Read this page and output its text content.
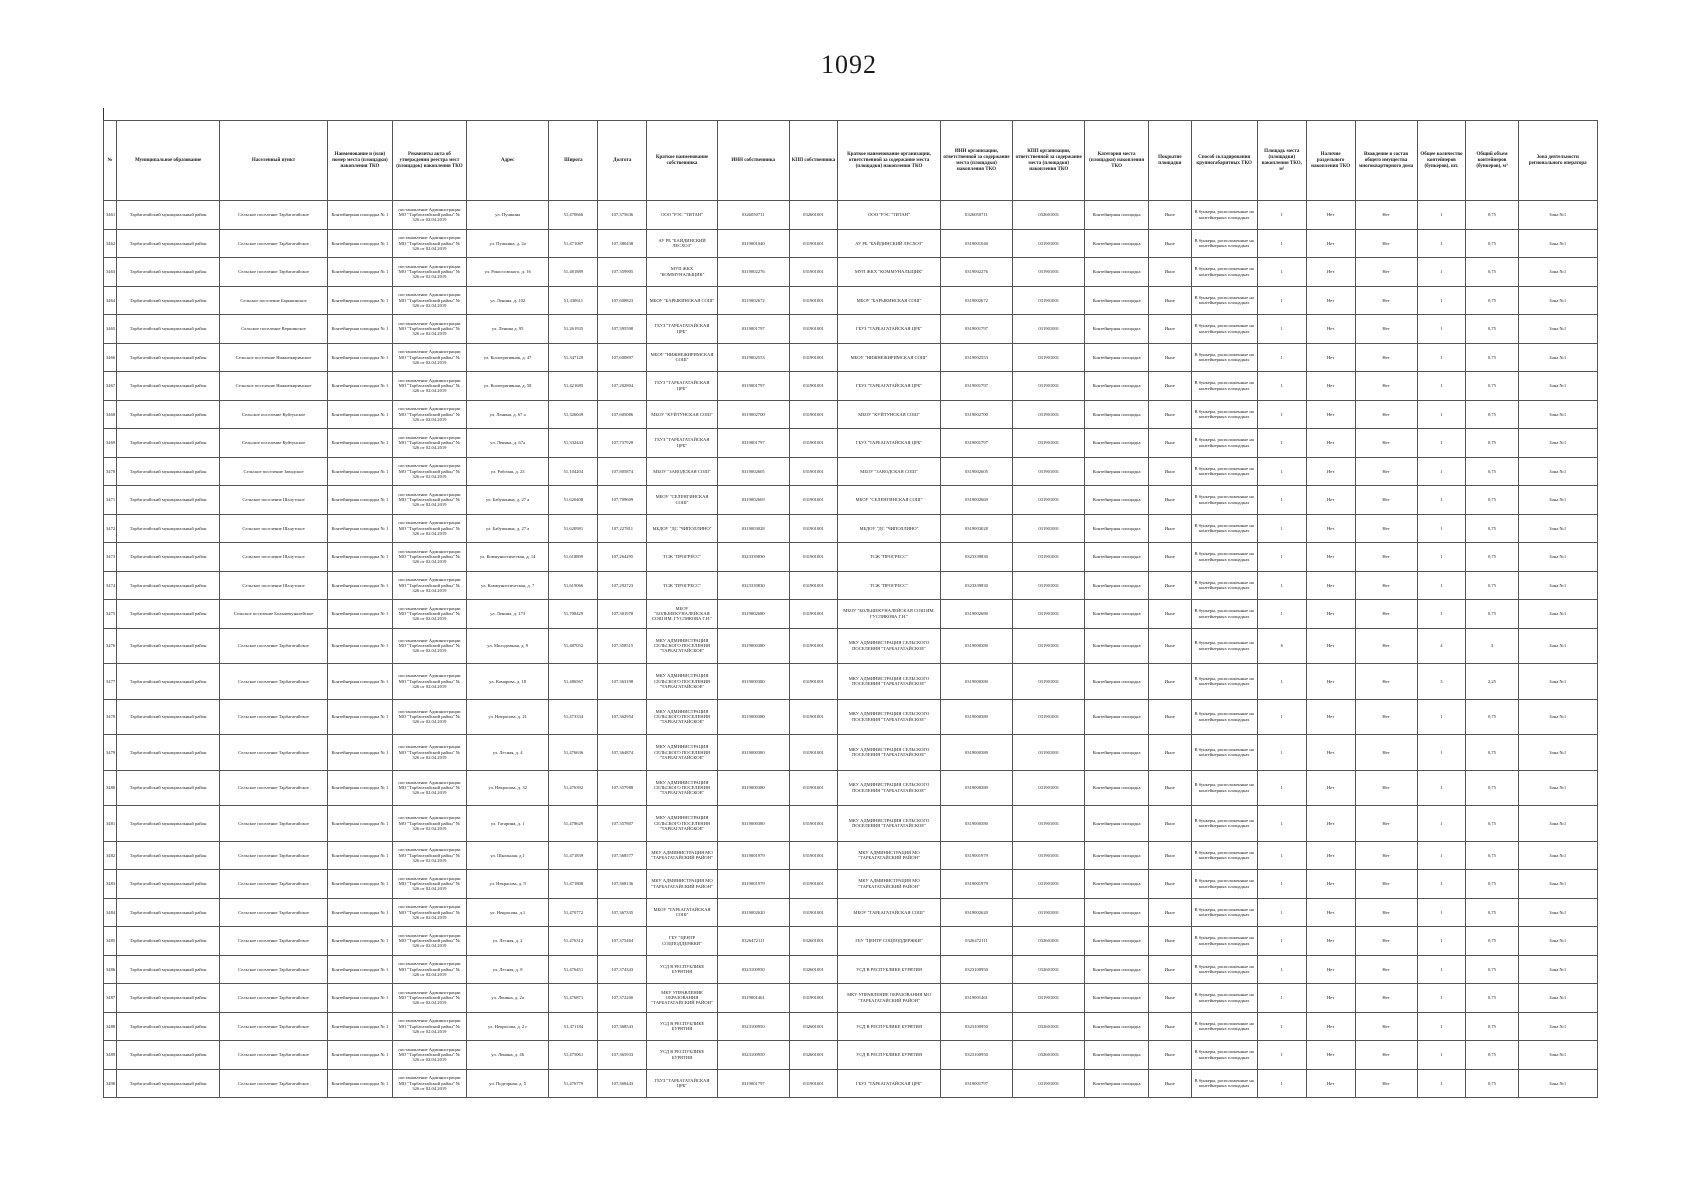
1092
№	Муниципальное образование	Населенный пункт	Наименование и (или) номер места (площадки) накопления ТКО	Реквизиты акта об утверждении реестра мест (площадок) накопления ТКО	Адрес	Широта	Долгота	Краткое наименование собственника	ИНН собственника	КПП собственника	Краткое наименование организации, ответственной за содержание места (площадки) накопления ТКО	ИНН организации, ответственной за содержание места (площадки) накопления ТКО	КПП организации, ответственной за содержание места (площадки) накопления ТКО	Категория места (площадки) накопления ТКО	Покрытие площадки	Способ складирования крупногабаритных ТКО	Площадь места (площадки) накопления ТКО, м²	Наличие раздельного накопления ТКО	Вхождение в состав общего имущества многоквартирного дома	Общее количество контейнеров (бункеров), шт.	Общий объем контейнеров (бункеров), м³	Зона деятельности регионального оператора
3461	Тарбагатайский муниципальный район	Сельское поселение Тарбагатайское	Контейнерная площадка № 1	постановление Администрации МО "Тарбагатайский район" № 326 от 02.04.2019	ул. Пушкина	51,470666	107,375636	ООО "РЭС "ТИТАН"	0326050711	032601001	ООО "РЭС "ТИТАН"	0326050711	032601001	Контейнерная площадка	Иное	В бункеры, расположенные на контейнерных площадках	1	Нет	Нет	1	0,75	Зона №1
3462	Тарбагатайский муниципальный район	Сельское поселение Тарбагатайское	Контейнерная площадка № 1	постановление Администрации МО "Тарбагатайский район" № 326 от 02.04.2019	ул. Пушкина, д. 2а	51,471087	107,380438	АУ РБ "БАЙДИНСКИЙ ЛЕСХОЗ"	0319001040	031901001	АУ РБ "БАЙДИНСКИЙ ЛЕСХОЗ"	0319001040	031901001	Контейнерная площадка	Иное	В бункеры, расположенные на контейнерных площадках	1	Нет	Нет	1	0,75	Зона №1
3463	Тарбагатайский муниципальный район	Сельское поселение Тарбагатайское	Контейнерная площадка № 1	постановление Администрации МО "Тарбагатайский район" № 326 от 02.04.2019	ул. Рокоссовского, д. 16	51,481889	107,359905	МУП ЖКХ "КОММУНАЛЬЩИК"	0319002276	031901001	МУП ЖКХ "КОММУНАЛЬЩИК"	0319002276	031901001	Контейнерная площадка	Иное	В бункеры, расположенные на контейнерных площадках	1	Нет	Нет	1	0,75	Зона №1
3464	Тарбагатайский муниципальный район	Сельское поселение Барыкинское	Контейнерная площадка № 1	постановление Администрации МО "Тарбагатайский район" № 326 от 02.04.2019	ул. Ленина, д. 102	51,430611	107,608823	МБОУ "БАРЫКИНСКАЯ СОШ"	0319002672	031901001	МБОУ "БАРЫКИНСКАЯ СОШ"	0319002672	031901001	Контейнерная площадка	Иное	В бункеры, расположенные на контейнерных площадках	1	Нет	Нет	1	0,75	Зона №1
3465	Тарбагатайский муниципальный район	Сельское поселение Вершинское	Контейнерная площадка № 1	постановление Администрации МО "Тарбагатайский район" № 326 от 02.04.2019	ул. Ленина д. 95	51,261935	107,395598	ГБУЗ "ТАРБАГАТАЙСКАЯ ЦРБ"	0319001797	031901001	ГБУЗ "ТАРБАГАТАЙСКАЯ ЦРБ"	0319001797	031901001	Контейнерная площадка	Иное	В бункеры, расположенные на контейнерных площадках	1	Нет	Нет	1	0,75	Зона №1
3466	Тарбагатайский муниципальный район	Сельское поселение Нижнежиримское	Контейнерная площадка № 1	постановление Администрации МО "Тарбагатайский район" № 326 от 02.04.2019	ул. Кооперативная, д. 47	51,347129	107,600897	МБОУ "НИЖНЕЖИРИМСКАЯ СОШ"	0319002553	031901001	МБОУ "НИЖНЕЖИРИМСКАЯ СОШ"	0319002553	031901001	Контейнерная площадка	Иное	В бункеры, расположенные на контейнерных площадках	1	Нет	Нет	1	0,75	Зона №1
3467	Тарбагатайский муниципальный район	Сельское поселение Нижнежиримское	Контейнерная площадка № 1	постановление Администрации МО "Тарбагатайский район" № 326 от 02.04.2019	ул. Кооперативная, д. 58	51,421685	107,202804	ГБУЗ "ТАРБАГАТАЙСКАЯ ЦРБ"	0319001797	031901001	ГБУЗ "ТАРБАГАТАЙСКАЯ ЦРБ"	0319001797	031901001	Контейнерная площадка	Иное	В бункеры, расположенные на контейнерных площадках	1	Нет	Нет	1	0,75	Зона №1
3468	Тарбагатайский муниципальный район	Сельское поселение Куйтунское	Контейнерная площадка № 1	постановление Администрации МО "Тарбагатайский район" № 326 от 02.04.2019	ул. Ленина, д. 67 а	51,326049	107,605086	МБОУ "КУЙТУНСКАЯ СОШ"	0319002700	031901001	МБОУ "КУЙТУНСКАЯ СОШ"	0319002700	031901001	Контейнерная площадка	Иное	В бункеры, расположенные на контейнерных площадках	1	Нет	Нет	1	0,75	Зона №1
3469	Тарбагатайский муниципальный район	Сельское поселение Куйтунское	Контейнерная площадка № 1	постановление Администрации МО "Тарбагатайский район" № 326 от 02.04.2019	ул. Ленина, д. 67а	51,332443	107,737928	ГБУЗ "ТАРБАГАТАЙСКАЯ ЦРБ"	0319001797	031901001	ГБУЗ "ТАРБАГАТАЙСКАЯ ЦРБ"	0319001797	031901001	Контейнерная площадка	Иное	В бункеры, расположенные на контейнерных площадках	1	Нет	Нет	1	0,75	Зона №1
3470	Тарбагатайский муниципальный район	Сельское поселение Заводское	Контейнерная площадка № 1	постановление Администрации МО "Тарбагатайский район" № 326 от 02.04.2019	ул. Рабочая, д. 23	51,104204	107,805874	МБОУ "ЗАВОДСКАЯ СОШ"	0319002605	031901001	МБОУ "ЗАВОДСКАЯ СОШ"	0319002605	031901001	Контейнерная площадка	Иное	В бункеры, расположенные на контейнерных площадках	1	Нет	Нет	1	0,75	Зона №1
3471	Тарбагатайский муниципальный район	Сельское поселение Шалутское	Контейнерная площадка № 1	постановление Администрации МО "Тарбагатайский район" № 326 от 02.04.2019	ул. Бабушкина, д. 27 а	51,620408	107,709609	МБОУ "СЕЛЕНГИНСКАЯ СОШ"	0319002669	031901001	МБОУ "СЕЛЕНГИНСКАЯ СОШ"	0319002669	031901001	Контейнерная площадка	Иное	В бункеры, расположенные на контейнерных площадках	1	Нет	Нет	1	0,75	Зона №1
3472	Тарбагатайский муниципальный район	Сельское поселение Шалутское	Контейнерная площадка № 1	постановление Администрации МО "Тарбагатайский район" № 326 от 02.04.2019	ул. Бабушкина, д. 27 а	51,620981	107,227811	МБДОУ "ДС "ЧИПОЛЛИНО"	0319003028	031901001	МБДОУ "ДС "ЧИПОЛЛИНО"	0319003028	031901001	Контейнерная площадка	Иное	В бункеры, расположенные на контейнерных площадках	1	Нет	Нет	1	0,75	Зона №1
3473	Тарбагатайский муниципальный район	Сельское поселение Шалутское	Контейнерная площадка № 1	постановление Администрации МО "Тарбагатайский район" № 326 от 02.04.2019	ул. Коммунистическая, д. 14	51,618809	107,264295	ТСЖ "ПРОГРЕСС"	0323339830	031901001	ТСЖ "ПРОГРЕСС"	0323339830	031901001	Контейнерная площадка	Иное	В бункеры, расположенные на контейнерных площадках	1	Нет	Нет	1	0,75	Зона №1
3474	Тарбагатайский муниципальный район	Сельское поселение Шалутское	Контейнерная площадка № 1	постановление Администрации МО "Тарбагатайский район" № 326 от 02.04.2019	ул. Коммунистическая, д. 7	51,619066	107,292723	ТСЖ "ПРОГРЕСС"	0323339830	031901001	ТСЖ "ПРОГРЕСС"	0323339830	031901001	Контейнерная площадка	Иное	В бункеры, расположенные на контейнерных площадках	1	Нет	Нет	1	0,75	Зона №1
3475	Тарбагатайский муниципальный район	Сельское поселение Большекуналейское	Контейнерная площадка № 1	постановление Администрации МО "Тарбагатайский район" № 326 от 02.04.2019	ул. Ленина, д. 173	51,708429	107,301978	МБОУ "БОЛЬШЕКУНАЛЕЙСКАЯ СОШ ИМ. ГУСЛЯКОВА Г.Н."	0319002680	031901001	МБОУ "БОЛЬШЕКУНАЛЕЙСКАЯ СОШ ИМ. ГУСЛЯКОВА Г.Н."	0319002680	031901001	Контейнерная площадка	Иное	В бункеры, расположенные на контейнерных площадках	1	Нет	Нет	1	0,75	Зона №1
3476	Тарбагатайский муниципальный район	Сельское поселение Тарбагатайское	Контейнерная площадка № 1	постановление Администрации МО "Тарбагатайский район" № 326 от 02.04.2019	ул. Молодежная, д. 9	51,487052	107,358515	МКУ АДМИНИСТРАЦИЯ СЕЛЬСКОГО ПОСЕЛЕНИЯ "ТАРБАГАТАЙСКОЕ"	0319000380	031901001	МКУ АДМИНИСТРАЦИЯ СЕЛЬСКОГО ПОСЕЛЕНИЯ "ТАРБАГАТАЙСКОЕ"	0319000380	031901001	Контейнерная площадка	Иное	В бункеры, расположенные на контейнерных площадках	6	Нет	Нет	4	3	Зона №1
3477	Тарбагатайский муниципальный район	Сельское поселение Тарбагатайское	Контейнерная площадка № 1	постановление Администрации МО "Тарбагатайский район" № 326 от 02.04.2019	ул. Комарова, д. 18	51,486567	107,363198	МКУ АДМИНИСТРАЦИЯ СЕЛЬСКОГО ПОСЕЛЕНИЯ "ТАРБАГАТАЙСКОЕ"	0319000380	031901001	МКУ АДМИНИСТРАЦИЯ СЕЛЬСКОГО ПОСЕЛЕНИЯ "ТАРБАГАТАЙСКОЕ"	0319000380	031901001	Контейнерная площадка	Иное	В бункеры, расположенные на контейнерных площадках	1	Нет	Нет	3	2,25	Зона №1
3478	Тарбагатайский муниципальный район	Сельское поселение Тарбагатайское	Контейнерная площадка № 1	постановление Администрации МО "Тарбагатайский район" № 326 от 02.04.2019	ул. Некрасова, д. 21	51,473334	107,362954	МКУ АДМИНИСТРАЦИЯ СЕЛЬСКОГО ПОСЕЛЕНИЯ "ТАРБАГАТАЙСКОЕ"	0319000380	031901001	МКУ АДМИНИСТРАЦИЯ СЕЛЬСКОГО ПОСЕЛЕНИЯ "ТАРБАГАТАЙСКОЕ"	0319000380	031901001	Контейнерная площадка	Иное	В бункеры, расположенные на контейнерных площадках	1	Нет	Нет	1	0,75	Зона №1
3479	Тарбагатайский муниципальный район	Сельское поселение Тарбагатайское	Контейнерная площадка № 1	постановление Администрации МО "Тарбагатайский район" № 326 от 02.04.2019	ул. Лесная, д. 4	51,476636	107,364874	МКУ АДМИНИСТРАЦИЯ СЕЛЬСКОГО ПОСЕЛЕНИЯ "ТАРБАГАТАЙСКОЕ"	0319000380	031901001	МКУ АДМИНИСТРАЦИЯ СЕЛЬСКОГО ПОСЕЛЕНИЯ "ТАРБАГАТАЙСКОЕ"	0319000380	031901001	Контейнерная площадка	Иное	В бункеры, расположенные на контейнерных площадках	1	Нет	Нет	1	0,75	Зона №1
3480	Тарбагатайский муниципальный район	Сельское поселение Тарбагатайское	Контейнерная площадка № 1	постановление Администрации МО "Тарбагатайский район" № 326 от 02.04.2019	ул. Некрасова, д. 32	51,476392	107,357988	МКУ АДМИНИСТРАЦИЯ СЕЛЬСКОГО ПОСЕЛЕНИЯ "ТАРБАГАТАЙСКОЕ"	0319000380	031901001	МКУ АДМИНИСТРАЦИЯ СЕЛЬСКОГО ПОСЕЛЕНИЯ "ТАРБАГАТАЙСКОЕ"	0319000380	031901001	Контейнерная площадка	Иное	В бункеры, расположенные на контейнерных площадках	1	Нет	Нет	1	0,75	Зона №1
3481	Тарбагатайский муниципальный район	Сельское поселение Тарбагатайское	Контейнерная площадка № 1	постановление Администрации МО "Тарбагатайский район" № 326 от 02.04.2019	ул. Гагарина, д. 1	51,478629	107,357807	МКУ АДМИНИСТРАЦИЯ СЕЛЬСКОГО ПОСЕЛЕНИЯ "ТАРБАГАТАЙСКОЕ"	0319000380	031901001	МКУ АДМИНИСТРАЦИЯ СЕЛЬСКОГО ПОСЕЛЕНИЯ "ТАРБАГАТАЙСКОЕ"	0319000380	031901001	Контейнерная площадка	Иное	В бункеры, расположенные на контейнерных площадках	1	Нет	Нет	1	0,75	Зона №1
3482	Тарбагатайский муниципальный район	Сельское поселение Тарбагатайское	Контейнерная площадка № 1	постановление Администрации МО "Тарбагатайский район" № 326 от 02.04.2019	ул. Школьная, д.1	51,471839	107,368577	МКУ АДМИНИСТРАЦИЯ МО "ТАРБАГАТАЙСКИЙ РАЙОН"	0319001979	031901001	МКУ АДМИНИСТРАЦИЯ МО "ТАРБАГАТАЙСКИЙ РАЙОН"	0319001979	031901001	Контейнерная площадка	Иное	В бункеры, расположенные на контейнерных площадках	1	Нет	Нет	1	0,75	Зона №1
3483	Тарбагатайский муниципальный район	Сельское поселение Тарбагатайское	Контейнерная площадка № 1	постановление Администрации МО "Тарбагатайский район" № 326 от 02.04.2019	ул. Некрасова, д. 9	51,471808	107,368136	МКУ АДМИНИСТРАЦИЯ МО "ТАРБАГАТАЙСКИЙ РАЙОН"	0319001979	031901001	МКУ АДМИНИСТРАЦИЯ МО "ТАРБАГАТАЙСКИЙ РАЙОН"	0319001979	031901001	Контейнерная площадка	Иное	В бункеры, расположенные на контейнерных площадках	1	Нет	Нет	1	0,75	Зона №1
3484	Тарбагатайский муниципальный район	Сельское поселение Тарбагатайское	Контейнерная площадка № 1	постановление Администрации МО "Тарбагатайский район" № 326 от 02.04.2019	ул. Некрасова, д.1	51,470772	107,367335	МБОУ "ТАРБАГАТАЙСКАЯ СОШ"	0319002620	031901001	МБОУ "ТАРБАГАТАЙСКАЯ СОШ"	0319002620	031901001	Контейнерная площадка	Иное	В бункеры, расположенные на контейнерных площадках	1	Нет	Нет	1	0,75	Зона №1
3485	Тарбагатайский муниципальный район	Сельское поселение Тарбагатайское	Контейнерная площадка № 1	постановление Администрации МО "Тарбагатайский район" № 326 от 02.04.2019	ул. Лесная, д. 2	51,476312	107,375464	ГБУ "ЦЕНТР СОЦПОДДЕРЖКИ"	0326472111	032601001	ГБУ "ЦЕНТР СОЦПОДДЕРЖКИ"	0326472111	032601001	Контейнерная площадка	Иное	В бункеры, расположенные на контейнерных площадках	1	Нет	Нет	1	0,75	Зона №1
3486	Тарбагатайский муниципальный район	Сельское поселение Тарбагатайское	Контейнерная площадка № 1	постановление Администрации МО "Тарбагатайский район" № 326 от 02.04.2019	ул. Лесная, д. 8	51,476451	107,374343	УСД В РЕСПУБЛИКЕ БУРЯТИЯ	0323100950	032601001	УСД В РЕСПУБЛИКЕ БУРЯТИЯ	0323100950	032601001	Контейнерная площадка	Иное	В бункеры, расположенные на контейнерных площадках	1	Нет	Нет	1	0,75	Зона №1
3487	Тарбагатайский муниципальный район	Сельское поселение Тарбагатайское	Контейнерная площадка № 1	постановление Администрации МО "Тарбагатайский район" № 326 от 02.04.2019	ул. Ленина, д. 2а	51,476871	107,372200	МКУ УПРАВЛЕНИЕ ОБРАЗОВАНИЯ "ТАРБАГАТАЙСКИЙ РАЙОН"	0319001461	031901001	МКУ УПРАВЛЕНИЕ ОБРАЗОВАНИЯ МО "ТАРБАГАТАЙСКИЙ РАЙОН"	0319001461	031901001	Контейнерная площадка	Иное	В бункеры, расположенные на контейнерных площадках	1	Нет	Нет	1	0,75	Зона №1
3488	Тарбагатайский муниципальный район	Сельское поселение Тарбагатайское	Контейнерная площадка № 1	постановление Администрации МО "Тарбагатайский район" № 326 от 02.04.2019	ул. Некрасова, д. 2 г	51,471184	107,368543	УСД В РЕСПУБЛИКЕ БУРЯТИЯ	0323100950	032601001	УСД В РЕСПУБЛИКЕ БУРЯТИЯ	0323100950	032601001	Контейнерная площадка	Иное	В бункеры, расположенные на контейнерных площадках	1	Нет	Нет	1	0,75	Зона №1
3489	Тарбагатайский муниципальный район	Сельское поселение Тарбагатайское	Контейнерная площадка № 1	постановление Администрации МО "Тарбагатайский район" № 326 от 02.04.2019	ул. Ленина, д. 46	51,475061	107,365933	УСД В РЕСПУБЛИКЕ БУРЯТИЯ	0323100950	032601001	УСД В РЕСПУБЛИКЕ БУРЯТИЯ	0323100950	032601001	Контейнерная площадка	Иное	В бункеры, расположенные на контейнерных площадках	1	Нет	Нет	1	0,75	Зона №1
3490	Тарбагатайский муниципальный район	Сельское поселение Тарбагатайское	Контейнерная площадка № 1	постановление Администрации МО "Тарбагатайский район" № 326 от 02.04.2019	ул. Подгорная, д. 5	51,476779	107,368443	ГБУЗ "ТАРБАГАТАЙСКАЯ ЦРБ"	0319001797	031901001	ГБУЗ "ТАРБАГАТАЙСКАЯ ЦРБ"	0319001797	031901001	Контейнерная площадка	Иное	В бункеры, расположенные на контейнерных площадках	1	Нет	Нет	1	0,75	Зона №1
